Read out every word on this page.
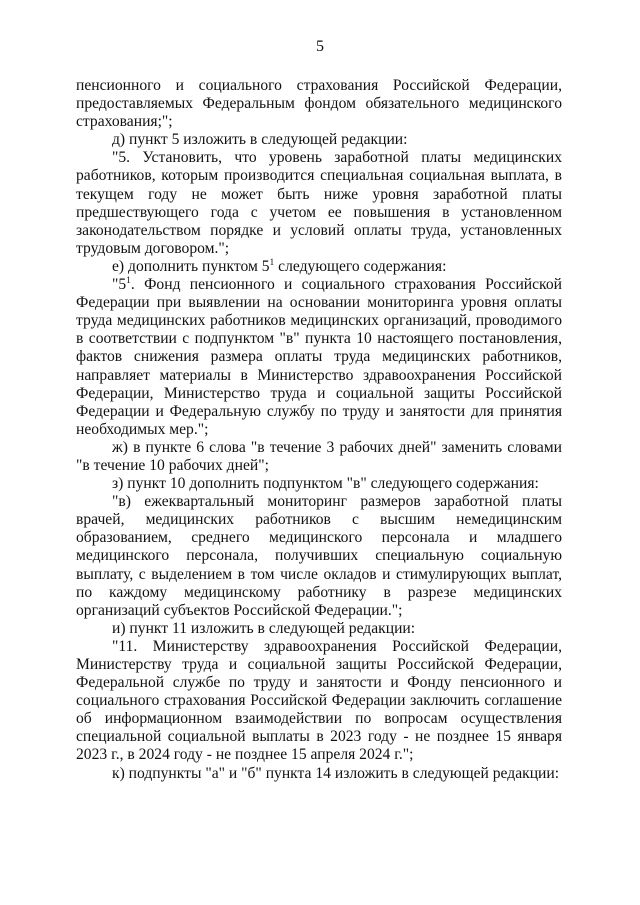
5

пенсионного и социального страхования Российской Федерации, предоставляемых Федеральным фондом обязательного медицинского страхования;";

д) пункт 5 изложить в следующей редакции:

"5. Установить, что уровень заработной платы медицинских работников, которым производится специальная социальная выплата, в текущем году не может быть ниже уровня заработной платы предшествующего года с учетом ее повышения в установленном законодательством порядке и условий оплаты труда, установленных трудовым договором.";

е) дополнить пунктом $5^1$ следующего содержания:

"$5^1$. Фонд пенсионного и социального страхования Российской Федерации при выявлении на основании мониторинга уровня оплаты труда медицинских работников медицинских организаций, проводимого в соответствии с подпунктом "в" пункта 10 настоящего постановления, фактов снижения размера оплаты труда медицинских работников, направляет материалы в Министерство здравоохранения Российской Федерации, Министерство труда и социальной защиты Российской Федерации и Федеральную службу по труду и занятости для принятия необходимых мер.";

ж) в пункте 6 слова "в течение 3 рабочих дней" заменить словами "в течение 10 рабочих дней";

з) пункт 10 дополнить подпунктом "в" следующего содержания:

"в) ежеквартальный мониторинг размеров заработной платы врачей, медицинских работников с высшим немедицинским образованием, среднего медицинского персонала и младшего медицинского персонала, получивших специальную социальную выплату, с выделением в том числе окладов и стимулирующих выплат, по каждому медицинскому работнику в разрезе медицинских организаций субъектов Российской Федерации.";

и) пункт 11 изложить в следующей редакции:

"11. Министерству здравоохранения Российской Федерации, Министерству труда и социальной защиты Российской Федерации, Федеральной службе по труду и занятости и Фонду пенсионного и социального страхования Российской Федерации заключить соглашение об информационном взаимодействии по вопросам осуществления специальной социальной выплаты в 2023 году - не позднее 15 января 2023 г., в 2024 году - не позднее 15 апреля 2024 г.";

к) подпункты "а" и "б" пункта 14 изложить в следующей редакции:
